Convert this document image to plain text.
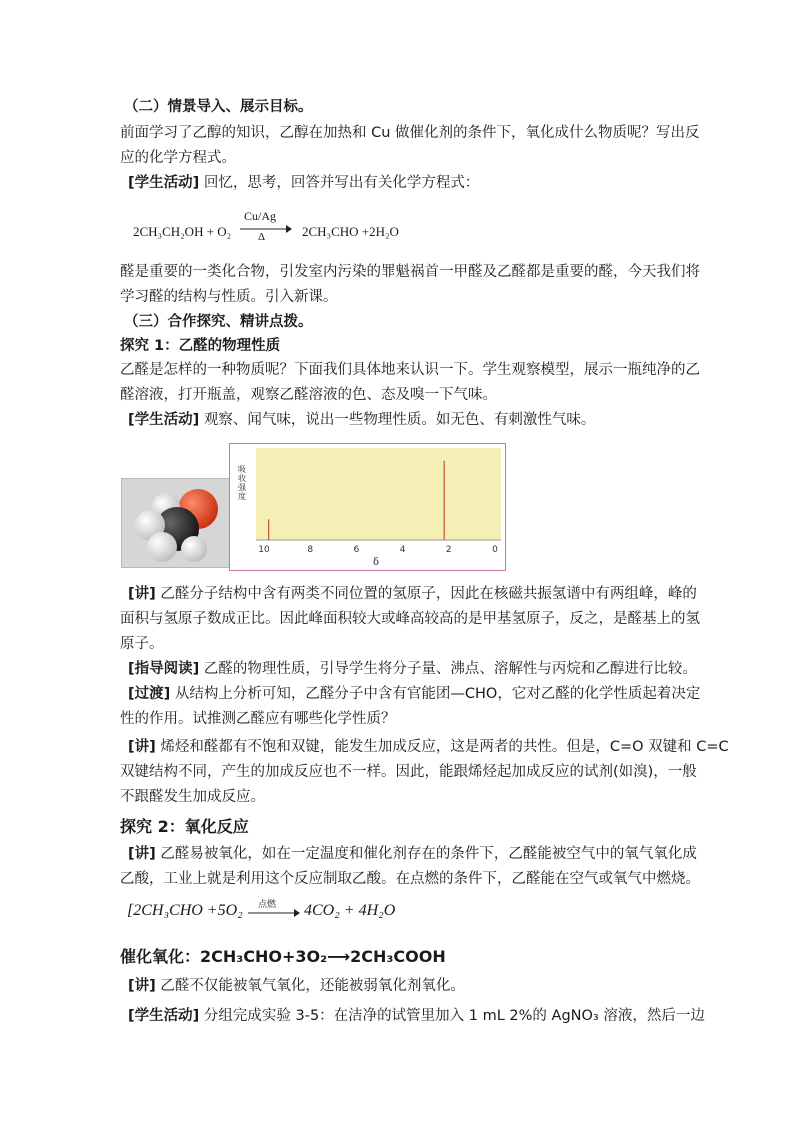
（二）情景导入、展示目标。
前面学习了乙醇的知识，乙醇在加热和 Cu 做催化剂的条件下，氧化成什么物质呢？写出反
应的化学方程式。
[学生活动] 回忆，思考，回答并写出有关化学方程式：
2CH₃CH₂OH + O₂
Cu/Ag
Δ	2CH₃CHO +2H₂O
醛是重要的一类化合物，引发室内污染的罪魁祸首一甲醛及乙醛都是重要的醛，今天我们将
学习醛的结构与性质。引入新课。
（三）合作探究、精讲点拨。
探究 1：乙醛的物理性质
乙醛是怎样的一种物质呢？下面我们具体地来认识一下。学生观察模型，展示一瓶纯净的乙
醛溶液，打开瓶盖，观察乙醛溶液的色、态及嗅一下气味。
[学生活动] 观察、闻气味，说出一些物理性质。如无色、有刺激性气味。
吸
收
强
度
10	8	6	4	2	0
δ
[讲] 乙醛分子结构中含有两类不同位置的氢原子，因此在核磁共振氢谱中有两组峰，峰的
面积与氢原子数成正比。因此峰面积较大或峰高较高的是甲基氢原子，反之，是醛基上的氢
原子。
[指导阅读] 乙醛的物理性质，引导学生将分子量、沸点、溶解性与丙烷和乙醇进行比较。
[过渡] 从结构上分析可知，乙醛分子中含有官能团—CHO，它对乙醛的化学性质起着决定
性的作用。试推测乙醛应有哪些化学性质？
[讲] 烯烃和醛都有不饱和双键，能发生加成反应，这是两者的共性。但是，C=O 双键和 C=C
双键结构不同，产生的加成反应也不一样。因此，能跟烯烃起加成反应的试剂(如溴)，一般
不跟醛发生加成反应。
探究 2：氧化反应
[讲] 乙醛易被氧化，如在一定温度和催化剂存在的条件下，乙醛能被空气中的氧气氧化成
乙酸，工业上就是利用这个反应制取乙酸。在点燃的条件下，乙醛能在空气或氧气中燃烧。
[2CH₃CHO +5O₂ 点燃 → 4CO₂ + 4H₂O
催化氧化：2CH₃CHO+3O₂⟶2CH₃COOH
[讲] 乙醛不仅能被氧气氧化，还能被弱氧化剂氧化。
[学生活动] 分组完成实验 3-5：在洁净的试管里加入 1 mL 2%的 AgNO₃ 溶液，然后一边
